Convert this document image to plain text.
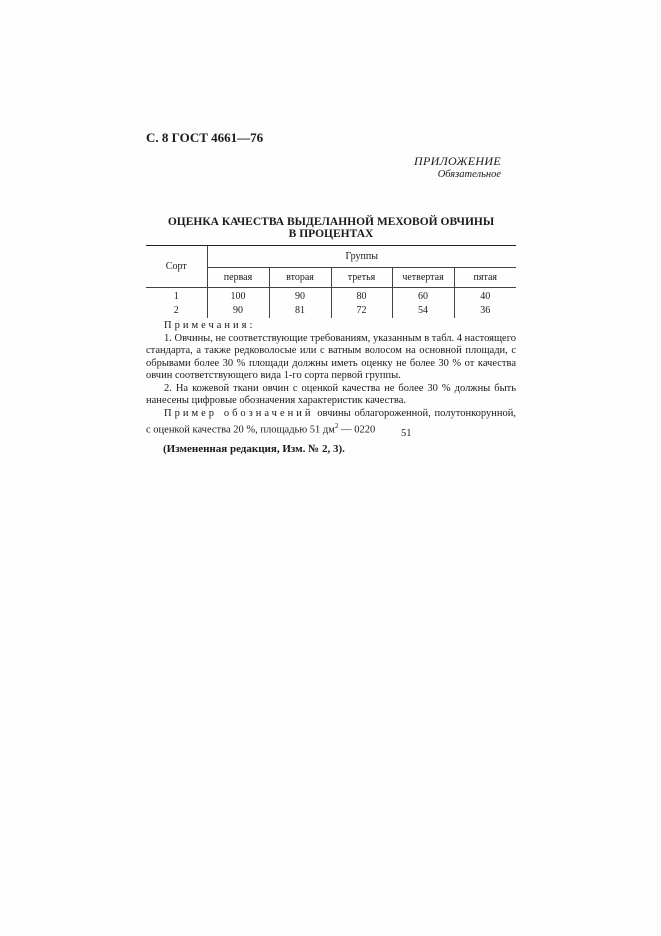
С. 8 ГОСТ 4661—76
ПРИЛОЖЕНИЕ
Обязательное
ОЦЕНКА КАЧЕСТВА ВЫДЕЛАННОЙ МЕХОВОЙ ОВЧИНЫ
В ПРОЦЕНТАХ
Сорт	Группы				
	первая	вторая	третья	четвертая	пятая
1	100	90	80	60	40
2	90	81	72	54	36

Примечания:

1. Овчины, не соответствующие требованиям, указанным в табл. 4 настоящего стандарта, а также редковолосые или с ватным волосом на основной площади, с обрывами более 30 % площади должны иметь оценку не более 30 % от качества овчин соответствующего вида 1-го сорта первой группы.

2. На кожевой ткани овчин с оценкой качества не более 30 % должны быть нанесены цифровые обозначения характеристик качества.

Пример обозначений овчины облагороженной, полутонкорунной, с оценкой качества 20 %, площадью 51 $дм^2$ — 0220	51
(Измененная редакция, Изм. № 2, 3).
